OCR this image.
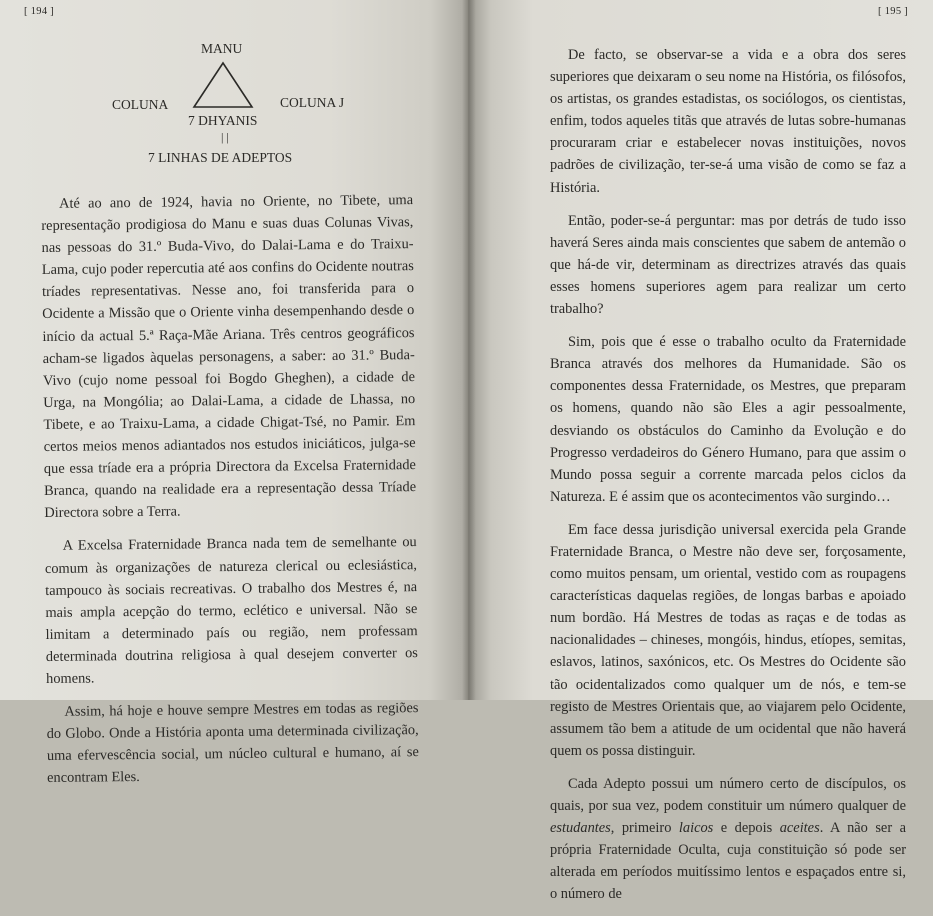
[ 194 ]
MANU
COLUNA	COLUNA J
7 DHYANIS
| |
7 LINHAS DE ADEPTOS

Até ao ano de 1924, havia no Oriente, no Tibete, uma representação prodigiosa do Manu e suas duas Colunas Vivas, nas pessoas do 31.º Buda-Vivo, do Dalai-Lama e do Traixu-Lama, cujo poder repercutia até aos confins do Ocidente noutras tríades representativas. Nesse ano, foi transferida para o Ocidente a Missão que o Oriente vinha desempenhando desde o início da actual 5.ª Raça-Mãe Ariana. Três centros geográficos acham-se ligados àquelas personagens, a saber: ao 31.º Buda-Vivo (cujo nome pessoal foi Bogdo Gheghen), a cidade de Urga, na Mongólia; ao Dalai-Lama, a cidade de Lhassa, no Tibete, e ao Traixu-Lama, a cidade Chigat-Tsé, no Pamir. Em certos meios menos adiantados nos estudos iniciáticos, julga-se que essa tríade era a própria Directora da Excelsa Fraternidade Branca, quando na realidade era a representação dessa Tríade Directora sobre a Terra.

A Excelsa Fraternidade Branca nada tem de semelhante ou comum às organizações de natureza clerical ou eclesiástica, tampouco às sociais recreativas. O trabalho dos Mestres é, na mais ampla acepção do termo, eclético e universal. Não se limitam a determinado país ou região, nem professam determinada doutrina religiosa à qual desejem converter os homens.

Assim, há hoje e houve sempre Mestres em todas as regiões do Globo. Onde a História aponta uma determinada civilização, uma efervescência social, um núcleo cultural e humano, aí se encontram Eles.

[ 195 ]

De facto, se observar-se a vida e a obra dos seres superiores que deixaram o seu nome na História, os filósofos, os artistas, os grandes estadistas, os sociólogos, os cientistas, enfim, todos aqueles titãs que através de lutas sobre-humanas procuraram criar e estabelecer novas instituições, novos padrões de civilização, ter-se-á uma visão de como se faz a História.

Então, poder-se-á perguntar: mas por detrás de tudo isso haverá Seres ainda mais conscientes que sabem de antemão o que há-de vir, determinam as directrizes através das quais esses homens superiores agem para realizar um certo trabalho?

Sim, pois que é esse o trabalho oculto da Fraternidade Branca através dos melhores da Humanidade. São os componentes dessa Fraternidade, os Mestres, que preparam os homens, quando não são Eles a agir pessoalmente, desviando os obstáculos do Caminho da Evolução e do Progresso verdadeiros do Género Humano, para que assim o Mundo possa seguir a corrente marcada pelos ciclos da Natureza. E é assim que os acontecimentos vão surgindo…

Em face dessa jurisdição universal exercida pela Grande Fraternidade Branca, o Mestre não deve ser, forçosamente, como muitos pensam, um oriental, vestido com as roupagens características daquelas regiões, de longas barbas e apoiado num bordão. Há Mestres de todas as raças e de todas as nacionalidades – chineses, mongóis, hindus, etíopes, semitas, eslavos, latinos, saxónicos, etc. Os Mestres do Ocidente são tão ocidentalizados como qualquer um de nós, e tem-se registo de Mestres Orientais que, ao viajarem pelo Ocidente, assumem tão bem a atitude de um ocidental que não haverá quem os possa distinguir.

Cada Adepto possui um número certo de discípulos, os quais, por sua vez, podem constituir um número qualquer de estudantes, primeiro laicos e depois aceites. A não ser a própria Fraternidade Oculta, cuja constituição só pode ser alterada em períodos muitíssimo lentos e espaçados entre si, o número de
